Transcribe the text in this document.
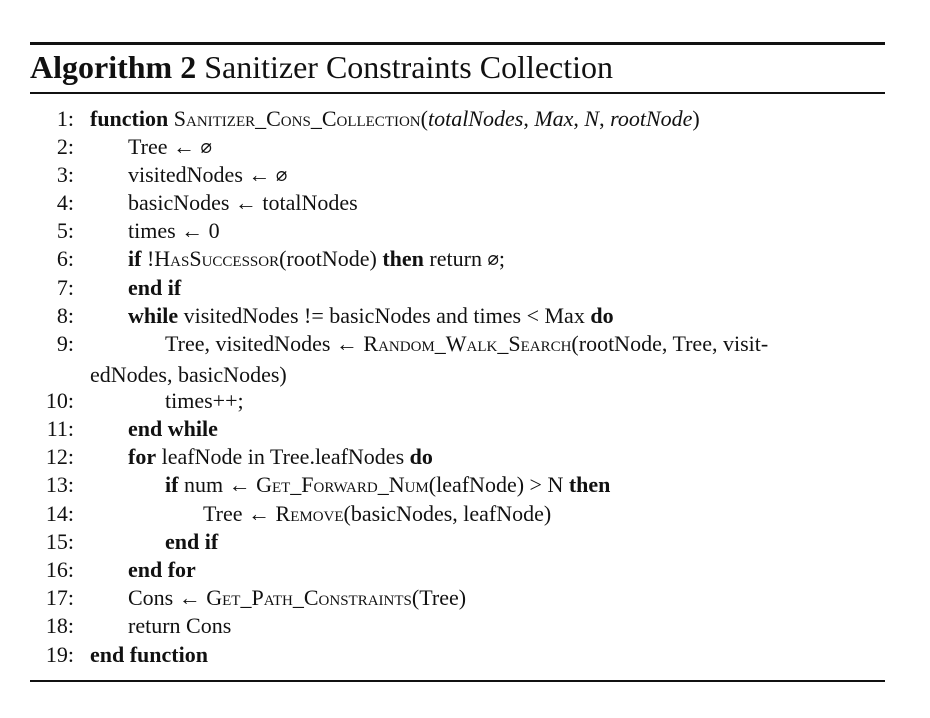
Algorithm 2 Sanitizer Constraints Collection
1: function Sanitizer_Cons_Collection(totalNodes, Max, N, rootNode)
2: Tree ← ∅
3: visitedNodes ← ∅
4: basicNodes ← totalNodes
5: times ← 0
6: if !HasSuccessor(rootNode) then return ∅;
7: end if
8: while visitedNodes != basicNodes and times < Max do
9:	Tree, visitedNodes ← Random_Walk_Search(rootNode, Tree, visit-
10:	times++;
11: end while
12: for leafNode in Tree.leafNodes do
13:	if num ← Get_Forward_Num(leafNode) > N then
14:	Tree ← Remove(basicNodes, leafNode)
15:	end if
16: end for
17: Cons ← Get_Path_Constraints(Tree)
18: return Cons
19: end function
edNodes, basicNodes)
